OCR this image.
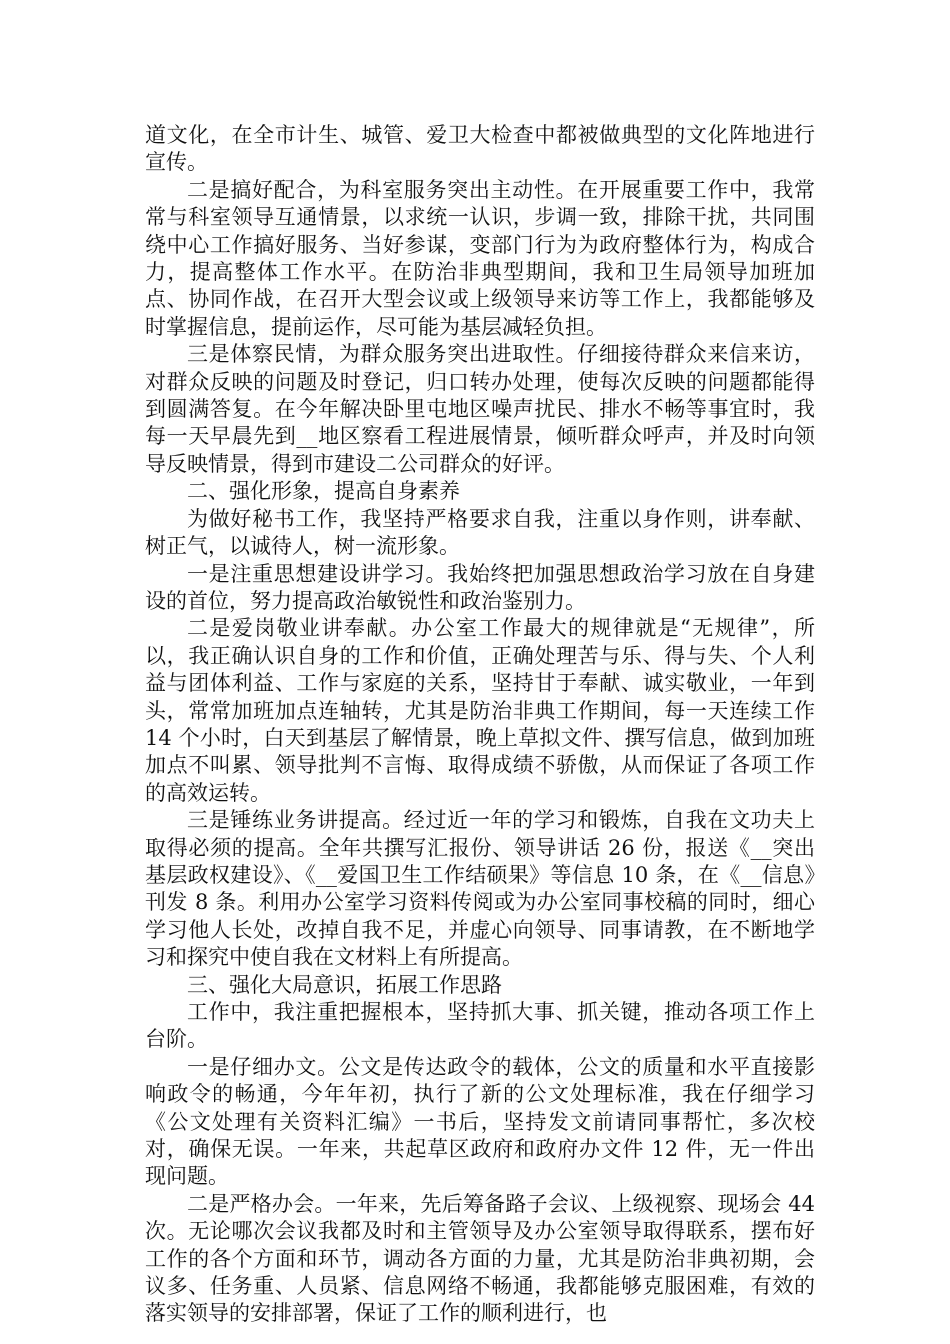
道文化，在全市计生、城管、爱卫大检查中都被做典型的文化阵地进行宣传。

二是搞好配合，为科室服务突出主动性。在开展重要工作中，我常常与科室领导互通情景，以求统一认识，步调一致，排除干扰，共同围绕中心工作搞好服务、当好参谋，变部门行为为政府整体行为，构成合力，提高整体工作水平。在防治非典型期间，我和卫生局领导加班加点、协同作战，在召开大型会议或上级领导来访等工作上，我都能够及时掌握信息，提前运作，尽可能为基层减轻负担。

三是体察民情，为群众服务突出进取性。仔细接待群众来信来访，对群众反映的问题及时登记，归口转办处理，使每次反映的问题都能得到圆满答复。在今年解决卧里屯地区噪声扰民、排水不畅等事宜时，我每一天早晨先到__地区察看工程进展情景，倾听群众呼声，并及时向领导反映情景，得到市建设二公司群众的好评。

二、强化形象，提高自身素养

为做好秘书工作，我坚持严格要求自我，注重以身作则，讲奉献、树正气，以诚待人，树一流形象。

一是注重思想建设讲学习。我始终把加强思想政治学习放在自身建设的首位，努力提高政治敏锐性和政治鉴别力。

二是爱岗敬业讲奉献。办公室工作最大的规律就是“无规律”，所以，我正确认识自身的工作和价值，正确处理苦与乐、得与失、个人利益与团体利益、工作与家庭的关系，坚持甘于奉献、诚实敬业，一年到头，常常加班加点连轴转，尤其是防治非典工作期间，每一天连续工作 14 个小时，白天到基层了解情景，晚上草拟文件、撰写信息，做到加班加点不叫累、领导批判不言悔、取得成绩不骄傲，从而保证了各项工作的高效运转。

三是锤练业务讲提高。经过近一年的学习和锻炼，自我在文功夫上取得必须的提高。全年共撰写汇报份、领导讲话 26 份，报送《__突出基层政权建设》、《__爱国卫生工作结硕果》等信息 10 条，在《__信息》刊发 8 条。利用办公室学习资料传阅或为办公室同事校稿的同时，细心学习他人长处，改掉自我不足，并虚心向领导、同事请教，在不断地学习和探究中使自我在文材料上有所提高。

三、强化大局意识，拓展工作思路

工作中，我注重把握根本，坚持抓大事、抓关键，推动各项工作上台阶。

一是仔细办文。公文是传达政令的载体，公文的质量和水平直接影响政令的畅通，今年年初，执行了新的公文处理标准，我在仔细学习《公文处理有关资料汇编》一书后，坚持发文前请同事帮忙，多次校对，确保无误。一年来，共起草区政府和政府办文件 12 件，无一件出现问题。

二是严格办会。一年来，先后筹备路子会议、上级视察、现场会 44 次。无论哪次会议我都及时和主管领导及办公室领导取得联系，摆布好工作的各个方面和环节，调动各方面的力量，尤其是防治非典初期，会议多、任务重、人员紧、信息网络不畅通，我都能够克服困难，有效的落实领导的安排部署，保证了工作的顺利进行，也
